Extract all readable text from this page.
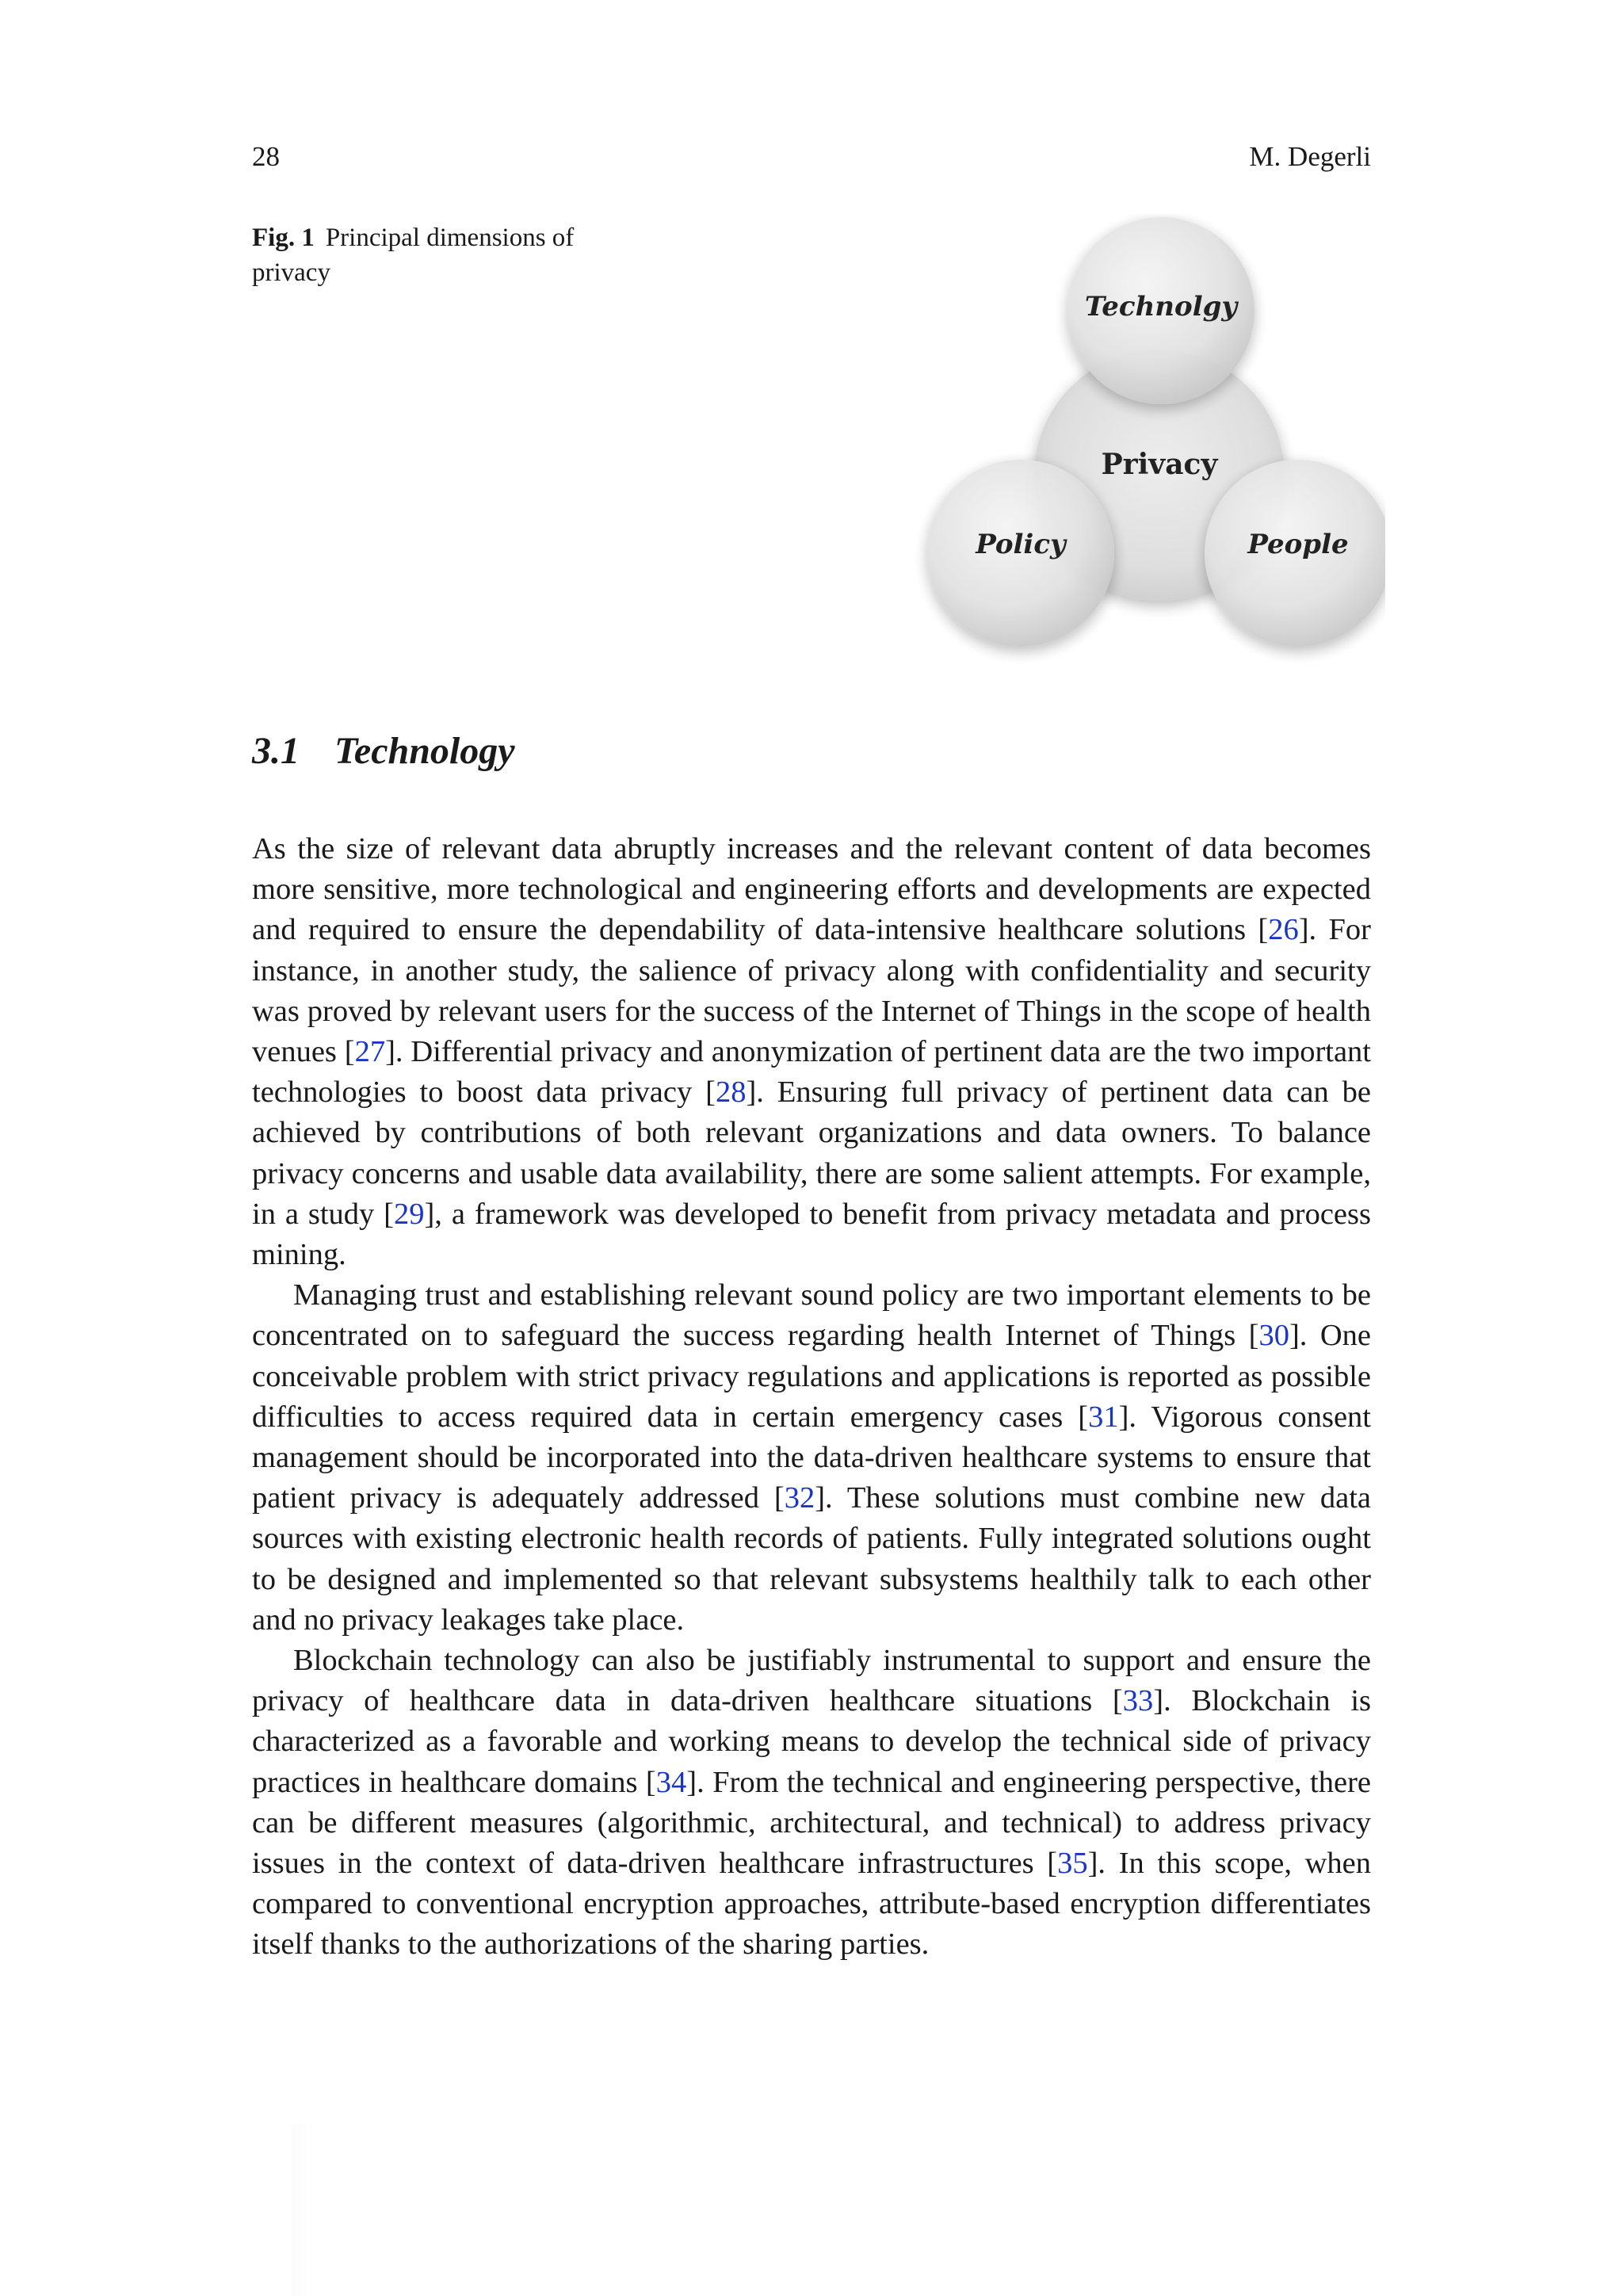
28	M. Degerli
Fig. 1 Principal dimensions of privacy
Technolgy
Privacy
Policy	People
3.1 Technology

As the size of relevant data abruptly increases and the relevant content of data becomes more sensitive, more technological and engineering efforts and developments are expected and required to ensure the dependability of data-intensive healthcare solutions [26]. For instance, in another study, the salience of privacy along with confidentiality and security was proved by relevant users for the success of the Internet of Things in the scope of health venues [27]. Differential privacy and anonymization of pertinent data are the two important technologies to boost data privacy [28]. Ensuring full privacy of pertinent data can be achieved by contributions of both relevant organizations and data owners. To balance privacy concerns and usable data availability, there are some salient attempts. For example, in a study [29], a framework was developed to benefit from privacy metadata and process mining.

Managing trust and establishing relevant sound policy are two important elements to be concentrated on to safeguard the success regarding health Internet of Things [30]. One conceivable problem with strict privacy regulations and applications is reported as possible difficulties to access required data in certain emergency cases [31]. Vigorous consent management should be incorporated into the data-driven healthcare systems to ensure that patient privacy is adequately addressed [32]. These solutions must combine new data sources with existing electronic health records of patients. Fully integrated solutions ought to be designed and implemented so that relevant subsystems healthily talk to each other and no privacy leakages take place.

Blockchain technology can also be justifiably instrumental to support and ensure the privacy of healthcare data in data-driven healthcare situations [33]. Blockchain is characterized as a favorable and working means to develop the technical side of privacy practices in healthcare domains [34]. From the technical and engineering perspective, there can be different measures (algorithmic, architectural, and technical) to address privacy issues in the context of data-driven healthcare infrastructures [35]. In this scope, when compared to conventional encryption approaches, attribute-based encryption differentiates itself thanks to the authorizations of the sharing parties.
